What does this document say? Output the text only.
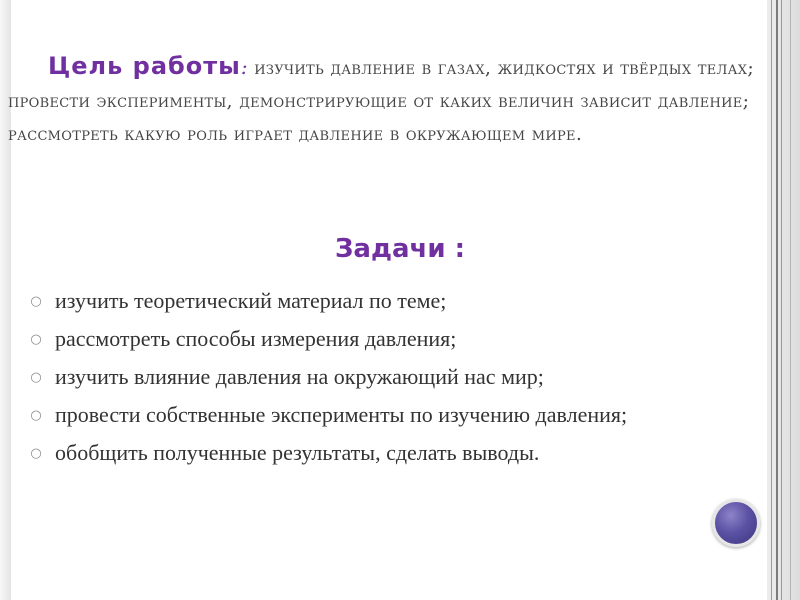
Цель работы: изучить давление в газах, жидкостях и твёрдых телах; провести эксперименты, демонстрирующие от каких величин зависит давление; рассмотреть какую роль играет давление в окружающем мире.

Задачи :
○ изучить теоретический материал по теме;
○ рассмотреть способы измерения давления;
○ изучить влияние давления на окружающий нас мир;
○ провести собственные эксперименты по изучению давления;
○ обобщить полученные результаты, сделать выводы.
